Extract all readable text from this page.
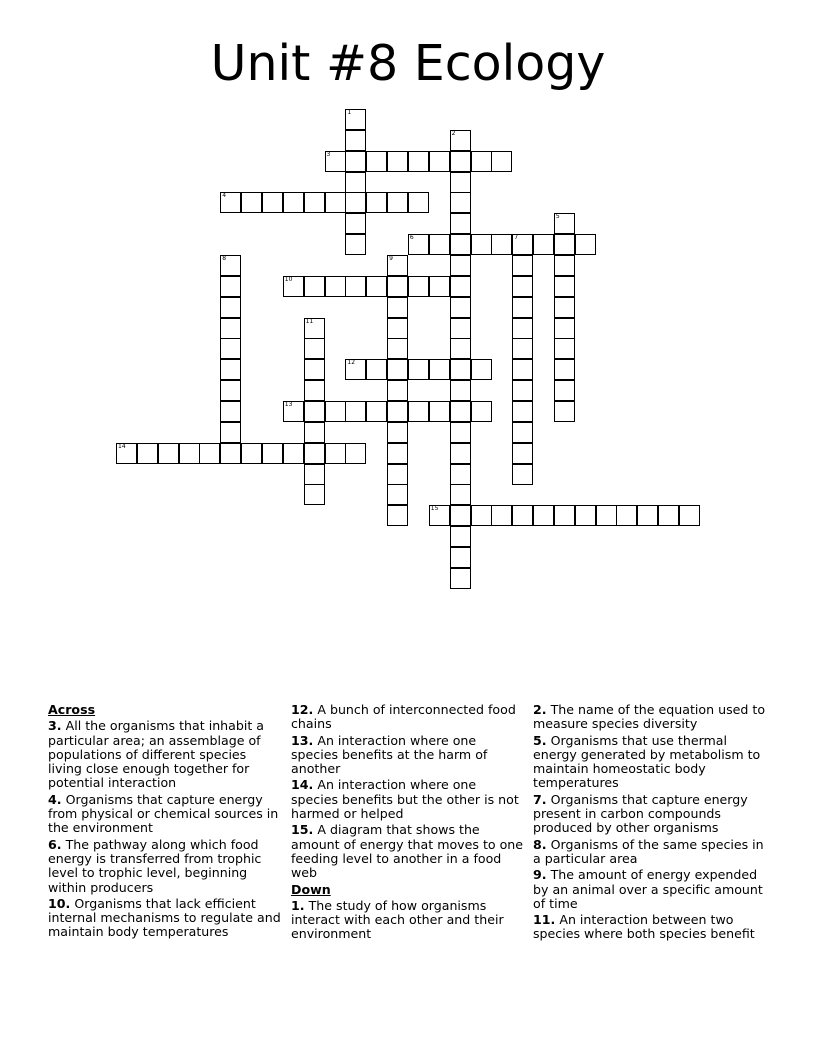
Unit #8 Ecology
1
2
3
4
5
6	7
8	9
10
11
12
13
14
15
Across
3. All the organisms that inhabit a particular area; an assemblage of populations of different species living close enough together for potential interaction
4. Organisms that capture energy from physical or chemical sources in the environment
6. The pathway along which food energy is transferred from trophic level to trophic level, beginning within producers
10. Organisms that lack efficient internal mechanisms to regulate and maintain body temperatures
12. A bunch of interconnected food chains
13. An interaction where one species benefits at the harm of another
14. An interaction where one species benefits but the other is not harmed or helped
15. A diagram that shows the amount of energy that moves to one feeding level to another in a food web
Down
1. The study of how organisms interact with each other and their environment
2. The name of the equation used to measure species diversity
5. Organisms that use thermal energy generated by metabolism to maintain homeostatic body temperatures
7. Organisms that capture energy present in carbon compounds produced by other organisms
8. Organisms of the same species in a particular area
9. The amount of energy expended by an animal over a specific amount of time
11. An interaction between two species where both species benefit
